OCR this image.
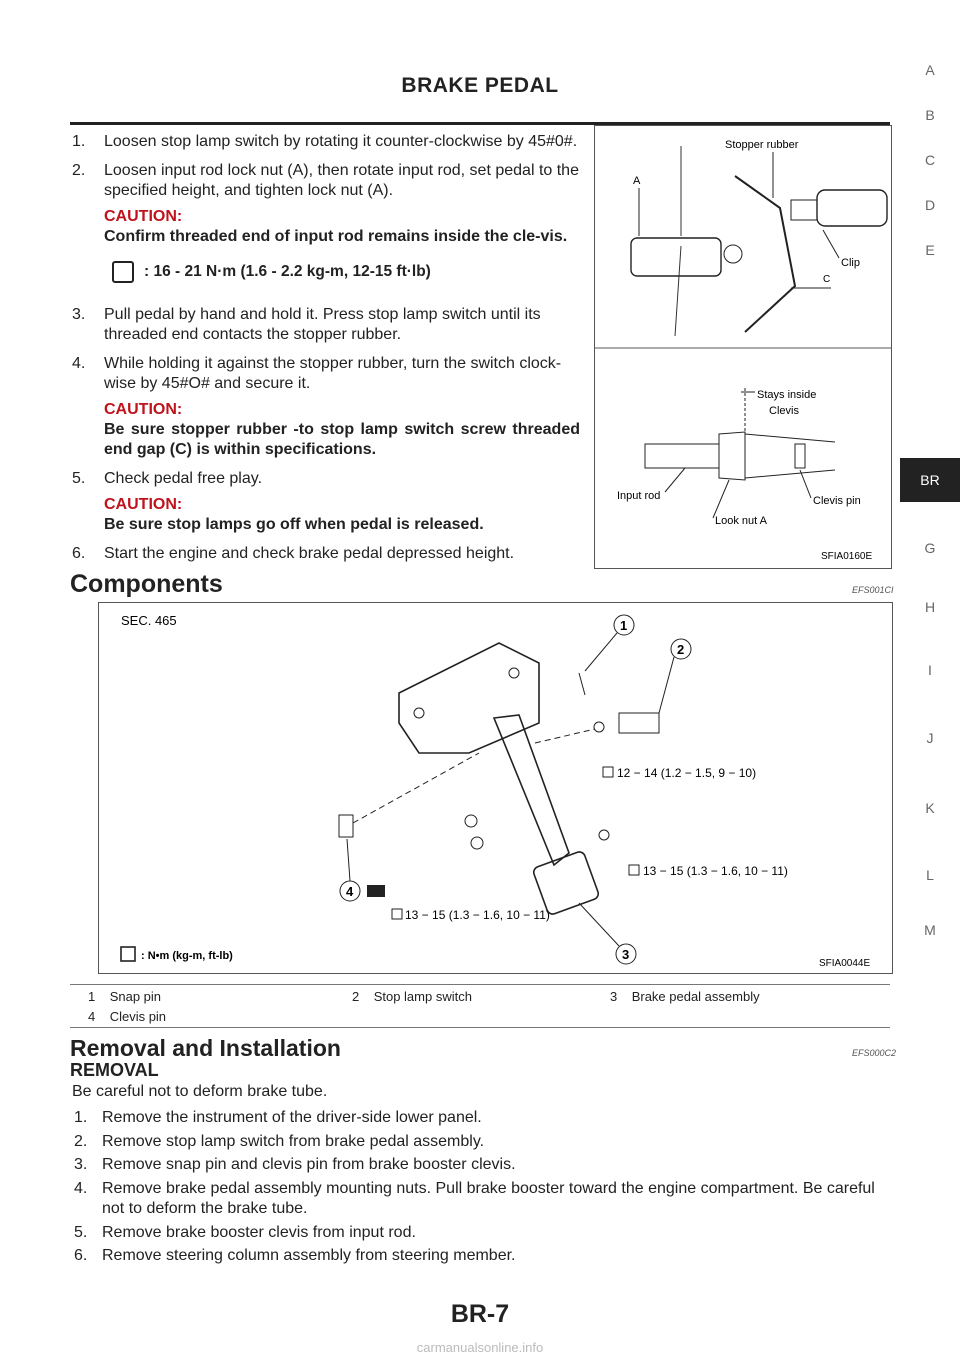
BRAKE PEDAL
A
B
C
D
E
BR
G
H
I
J
K
L
M
1. Loosen stop lamp switch by rotating it counter-clockwise by 45#0#.
2. Loosen input rod lock nut (A), then rotate input rod, set pedal to the specified height, and tighten lock nut (A).
CAUTION:
Confirm threaded end of input rod remains inside the cle-vis.
: 16 - 21 N·m (1.6 - 2.2 kg-m, 12-15 ft·lb)
3. Pull pedal by hand and hold it. Press stop lamp switch until its threaded end contacts the stopper rubber.
4. While holding it against the stopper rubber, turn the switch clock-wise by 45#O# and secure it.
CAUTION:
Be sure stopper rubber -to stop lamp switch screw threaded end gap (C) is within specifications.
5. Check pedal free play.
CAUTION:
Be sure stop lamps go off when pedal is released.
6. Start the engine and check brake pedal depressed height.
Stopper rubber
A
Clip
C
Stays inside
Clevis
Input rod	Clevis pin
Look nut A
SFIA0160E
Components	EFS001CI
SEC. 465	1
2
3
4
12 − 14 (1.2 − 1.5, 9 − 10)
13 − 15 (1.3 − 1.6, 10 − 11)
13 − 15 (1.3 − 1.6, 10 − 11)
: N•m (kg-m, ft-lb)
SFIA0044E
1 Snap pin	2 Stop lamp switch	3 Brake pedal assembly
4 Clevis pin
Removal and Installation	EFS000C2
REMOVAL
Be careful not to deform brake tube.
1. Remove the instrument of the driver-side lower panel.
2. Remove stop lamp switch from brake pedal assembly.
3. Remove snap pin and clevis pin from brake booster clevis.
4. Remove brake pedal assembly mounting nuts. Pull brake booster toward the engine compartment. Be careful not to deform the brake tube.
5. Remove brake booster clevis from input rod.
6. Remove steering column assembly from steering member.
BR-7
carmanualsonline.info
